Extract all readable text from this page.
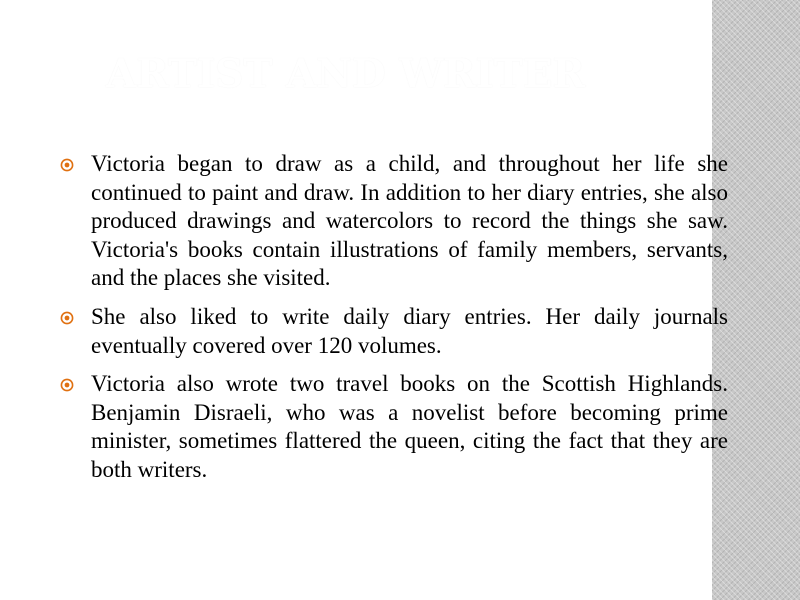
ARTIST AND WRITER
Victoria began to draw as a child, and throughout her life she continued to paint and draw. In addition to her diary entries, she also produced drawings and watercolors to record the things she saw. Victoria's books contain illustrations of family members, servants, and the places she visited.
She also liked to write daily diary entries. Her daily journals eventually covered over 120 volumes.
Victoria also wrote two travel books on the Scottish Highlands. Benjamin Disraeli, who was a novelist before becoming prime minister, sometimes flattered the queen, citing the fact that they are both writers.
